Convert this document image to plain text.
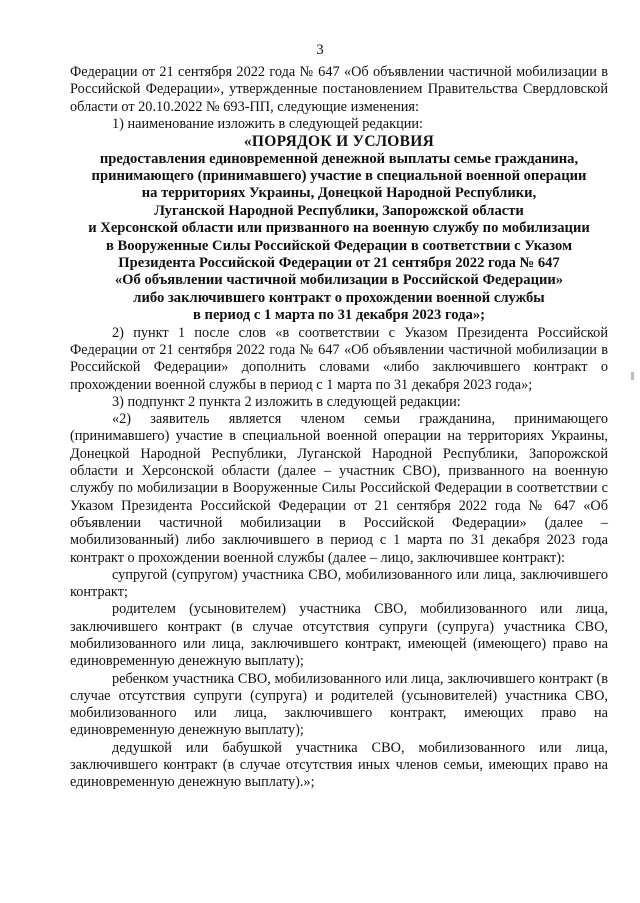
3

Федерации от 21 сентября 2022 года № 647 «Об объявлении частичной мобилизации в Российской Федерации», утвержденные постановлением Правительства Свердловской области от 20.10.2022 № 693-ПП, следующие изменения:

1) наименование изложить в следующей редакции:

«ПОРЯДОК И УСЛОВИЯ

предоставления единовременной денежной выплаты семье гражданина,

принимающего (принимавшего) участие в специальной военной операции

на территориях Украины, Донецкой Народной Республики,

Луганской Народной Республики, Запорожской области

и Херсонской области или призванного на военную службу по мобилизации

в Вооруженные Силы Российской Федерации в соответствии с Указом

Президента Российской Федерации от 21 сентября 2022 года № 647

«Об объявлении частичной мобилизации в Российской Федерации»

либо заключившего контракт о прохождении военной службы

в период с 1 марта по 31 декабря 2023 года»;

2) пункт 1 после слов «в соответствии с Указом Президента Российской Федерации от 21 сентября 2022 года № 647 «Об объявлении частичной мобилизации в Российской Федерации» дополнить словами «либо заключившего контракт о прохождении военной службы в период с 1 марта по 31 декабря 2023 года»;

3) подпункт 2 пункта 2 изложить в следующей редакции:

«2) заявитель является членом семьи гражданина, принимающего (принимавшего) участие в специальной военной операции на территориях Украины, Донецкой Народной Республики, Луганской Народной Республики, Запорожской области и Херсонской области (далее – участник СВО), призванного на военную службу по мобилизации в Вооруженные Силы Российской Федерации в соответствии с Указом Президента Российской Федерации от 21 сентября 2022 года № 647 «Об объявлении частичной мобилизации в Российской Федерации» (далее – мобилизованный) либо заключившего в период с 1 марта по 31 декабря 2023 года контракт о прохождении военной службы (далее – лицо, заключившее контракт):

супругой (супругом) участника СВО, мобилизованного или лица, заключившего контракт;

родителем (усыновителем) участника СВО, мобилизованного или лица, заключившего контракт (в случае отсутствия супруги (супруга) участника СВО, мобилизованного или лица, заключившего контракт, имеющей (имеющего) право на единовременную денежную выплату);

ребенком участника СВО, мобилизованного или лица, заключившего контракт (в случае отсутствия супруги (супруга) и родителей (усыновителей) участника СВО, мобилизованного или лица, заключившего контракт, имеющих право на единовременную денежную выплату);

дедушкой или бабушкой участника СВО, мобилизованного или лица, заключившего контракт (в случае отсутствия иных членов семьи, имеющих право на единовременную денежную выплату).»;
